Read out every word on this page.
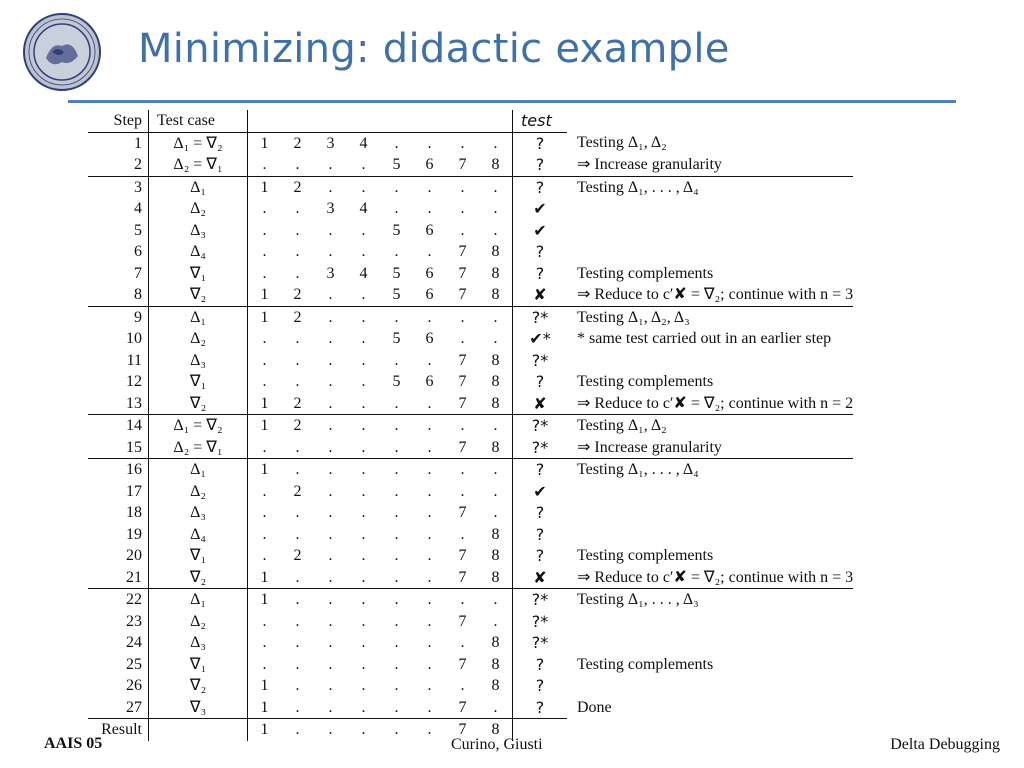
Minimizing: didactic example
Step	Test case									test	
1	Δ₁ = ∇₂	1	2	3	4	.	.	.	.	?	Testing Δ₁, Δ₂
2	Δ₂ = ∇₁	.	.	.	.	5	6	7	8	?	⇒ Increase granularity
3	Δ₁	1	2	.	.	.	.	.	.	?	Testing Δ₁, . . . , Δ₄
4	Δ₂	.	.	3	4	.	.	.	.	✔	
5	Δ₃	.	.	.	.	5	6	.	.	✔	
6	Δ₄	.	.	.	.	.	.	7	8	?	
7	∇₁	.	.	3	4	5	6	7	8	?	Testing complements
8	∇₂	1	2	.	.	5	6	7	8	✘	⇒ Reduce to c′✘ = ∇₂; continue with n = 3
9	Δ₁	1	2	.	.	.	.	.	.	?*	Testing Δ₁, Δ₂, Δ₃
10	Δ₂	.	.	.	.	5	6	.	.	✔*	* same test carried out in an earlier step
11	Δ₃	.	.	.	.	.	.	7	8	?*	
12	∇₁	.	.	.	.	5	6	7	8	?	Testing complements
13	∇₂	1	2	.	.	.	.	7	8	✘	⇒ Reduce to c′✘ = ∇₂; continue with n = 2
14	Δ₁ = ∇₂	1	2	.	.	.	.	.	.	?*	Testing Δ₁, Δ₂
15	Δ₂ = ∇₁	.	.	.	.	.	.	7	8	?*	⇒ Increase granularity
16	Δ₁	1	.	.	.	.	.	.	.	?	Testing Δ₁, . . . , Δ₄
17	Δ₂	.	2	.	.	.	.	.	.	✔	
18	Δ₃	.	.	.	.	.	.	7	.	?	
19	Δ₄	.	.	.	.	.	.	.	8	?	
20	∇₁	.	2	.	.	.	.	7	8	?	Testing complements
21	∇₂	1	.	.	.	.	.	7	8	✘	⇒ Reduce to c′✘ = ∇₂; continue with n = 3
22	Δ₁	1	.	.	.	.	.	.	.	?*	Testing Δ₁, . . . , Δ₃
23	Δ₂	.	.	.	.	.	.	7	.	?*	
24	Δ₃	.	.	.	.	.	.	.	8	?*	
25	∇₁	.	.	.	.	.	.	7	8	?	Testing complements
26	∇₂	1	.	.	.	.	.	.	8	?	
27	∇₃	1	.	.	.	.	.	7	.	?	Done
Result		1	.	.	.	.	.	7	8		
AAIS 05	Curino, Giusti	Delta Debugging
